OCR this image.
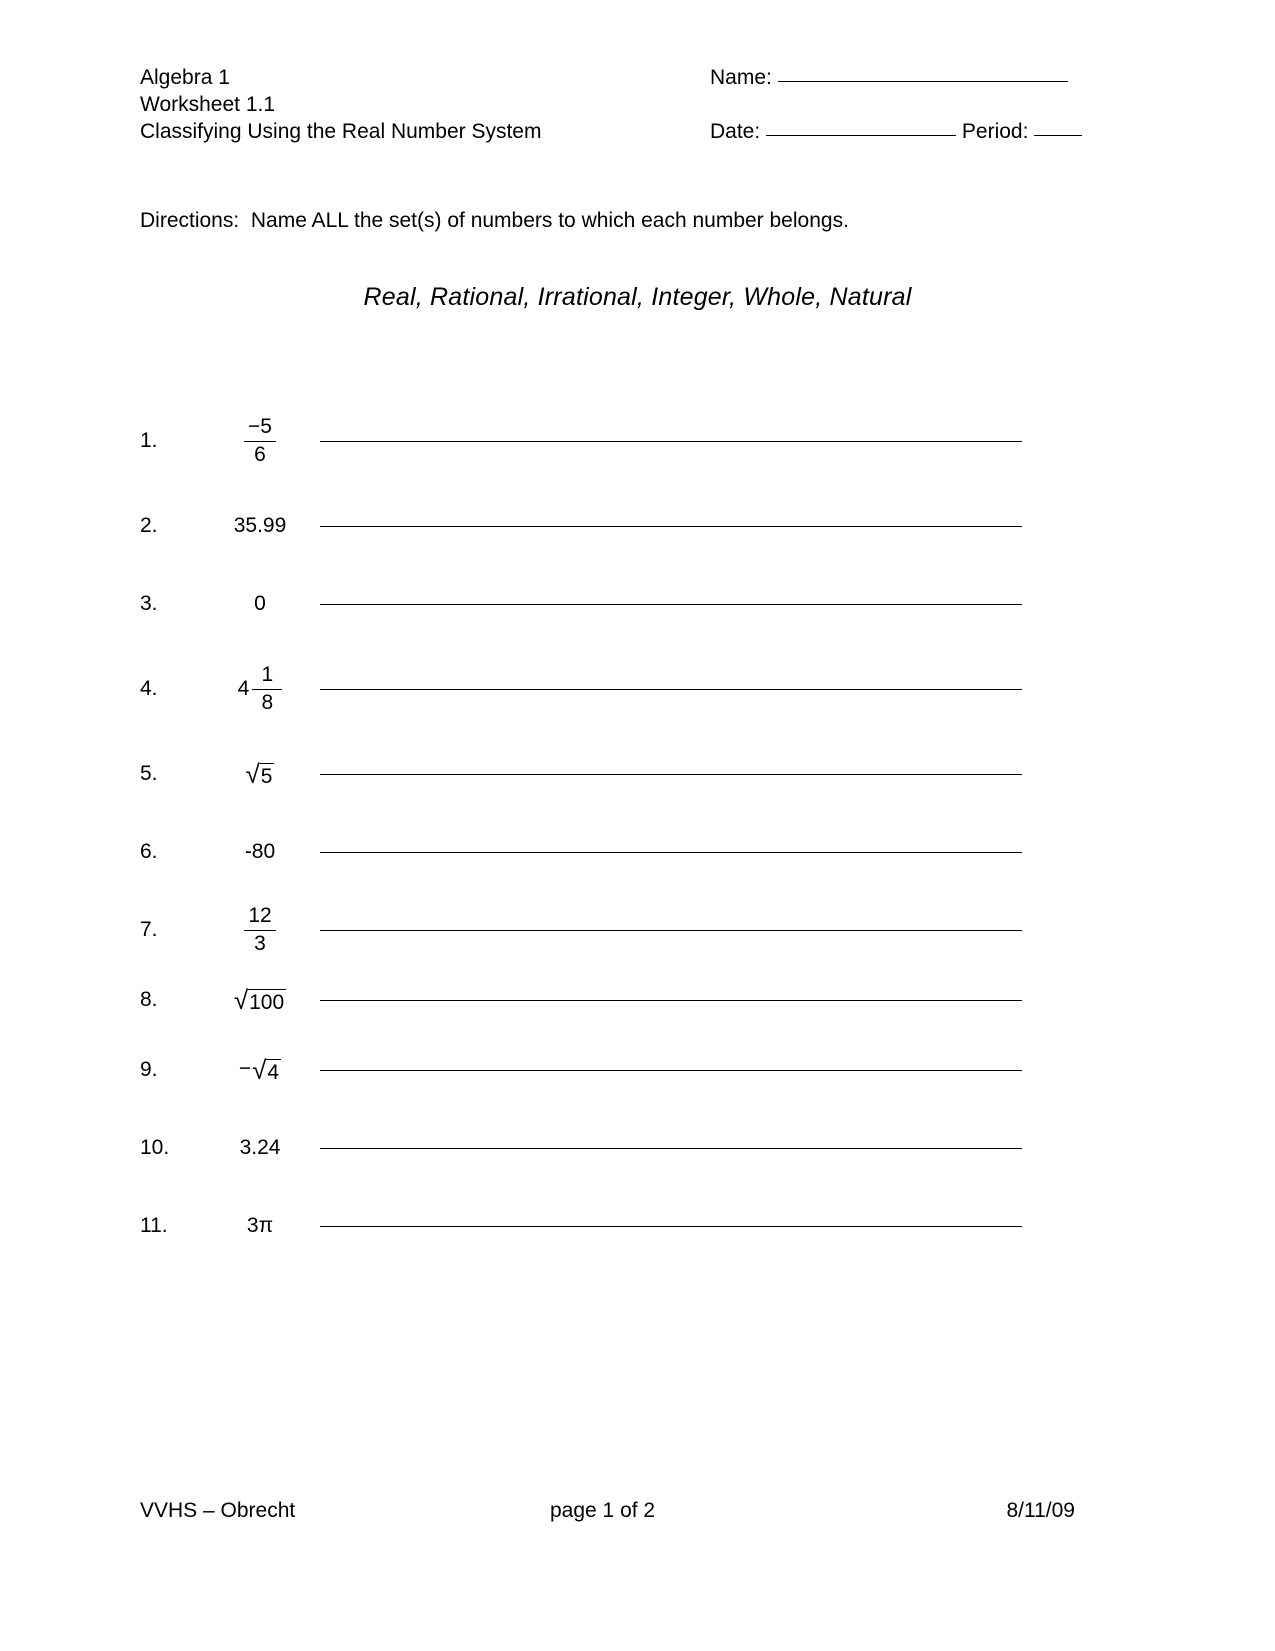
Algebra 1	Name:
Worksheet 1.1
Classifying Using the Real Number System	Date:	Period:
Directions:  Name ALL the set(s) of numbers to which each number belongs.
Real, Rational, Irrational, Integer, Whole, Natural
1.	$\frac{-5}{6}$
2.	35.99
3.	0
4.	$4 \frac{1}{8}$
5.	√ 5
6.	-80
7.	$\frac{12}{3}$
8.	√ 100
9.	− √ 4
10.	3.24
11.	3π
VVHS – Obrecht	page 1 of 2	8/11/09
